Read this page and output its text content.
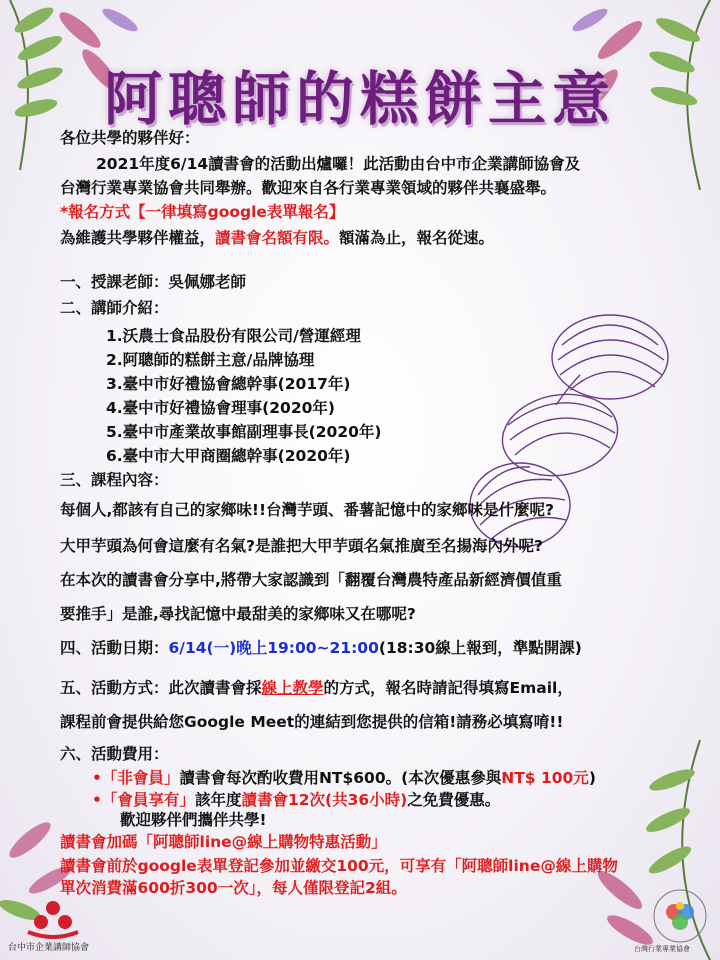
阿聰師的糕餅主意
各位共學的夥伴好：
2021年度6/14讀書會的活動出爐囉！此活動由台中市企業講師協會及
台灣行業專業協會共同舉辦。歡迎來自各行業專業領域的夥伴共襄盛舉。
*報名方式【一律填寫google表單報名】
為維護共學夥伴權益，讀書會名額有限。額滿為止，報名從速。
一、授課老師：吳佩娜老師
二、講師介紹：
1.沃農士食品股份有限公司/營運經理
2.阿聰師的糕餅主意/品牌協理
3.臺中市好禮協會總幹事(2017年)
4.臺中市好禮協會理事(2020年)
5.臺中市產業故事館副理事長(2020年)
6.臺中市大甲商圈總幹事(2020年)
三、課程內容：
每個人,都該有自己的家鄉味!!台灣芋頭、番薯記憶中的家鄉味是什麼呢?
大甲芋頭為何會這麼有名氣?是誰把大甲芋頭名氣推廣至名揚海內外呢?
在本次的讀書會分享中,將帶大家認識到「翻覆台灣農特產品新經濟價值重
要推手」是誰,尋找記憶中最甜美的家鄉味又在哪呢?
四、活動日期：6/14(一)晚上19:00~21:00(18:30線上報到，準點開課)
五、活動方式：此次讀書會採線上教學的方式，報名時請記得填寫Email，
課程前會提供給您Google Meet的連結到您提供的信箱!請務必填寫唷!!
六、活動費用：
•「非會員」讀書會每次酌收費用NT$600。(本次優惠參與NT$ 100元)
•「會員享有」該年度讀書會12次(共36小時)之免費優惠。
歡迎夥伴們攜伴共學!
讀書會加碼「阿聰師line@線上購物特惠活動」
讀書會前於google表單登記參加並繳交100元，可享有「阿聰師line@線上購物
單次消費滿600折300一次」，每人僅限登記2組。
台中市企業講師協會	台灣行業專業協會
